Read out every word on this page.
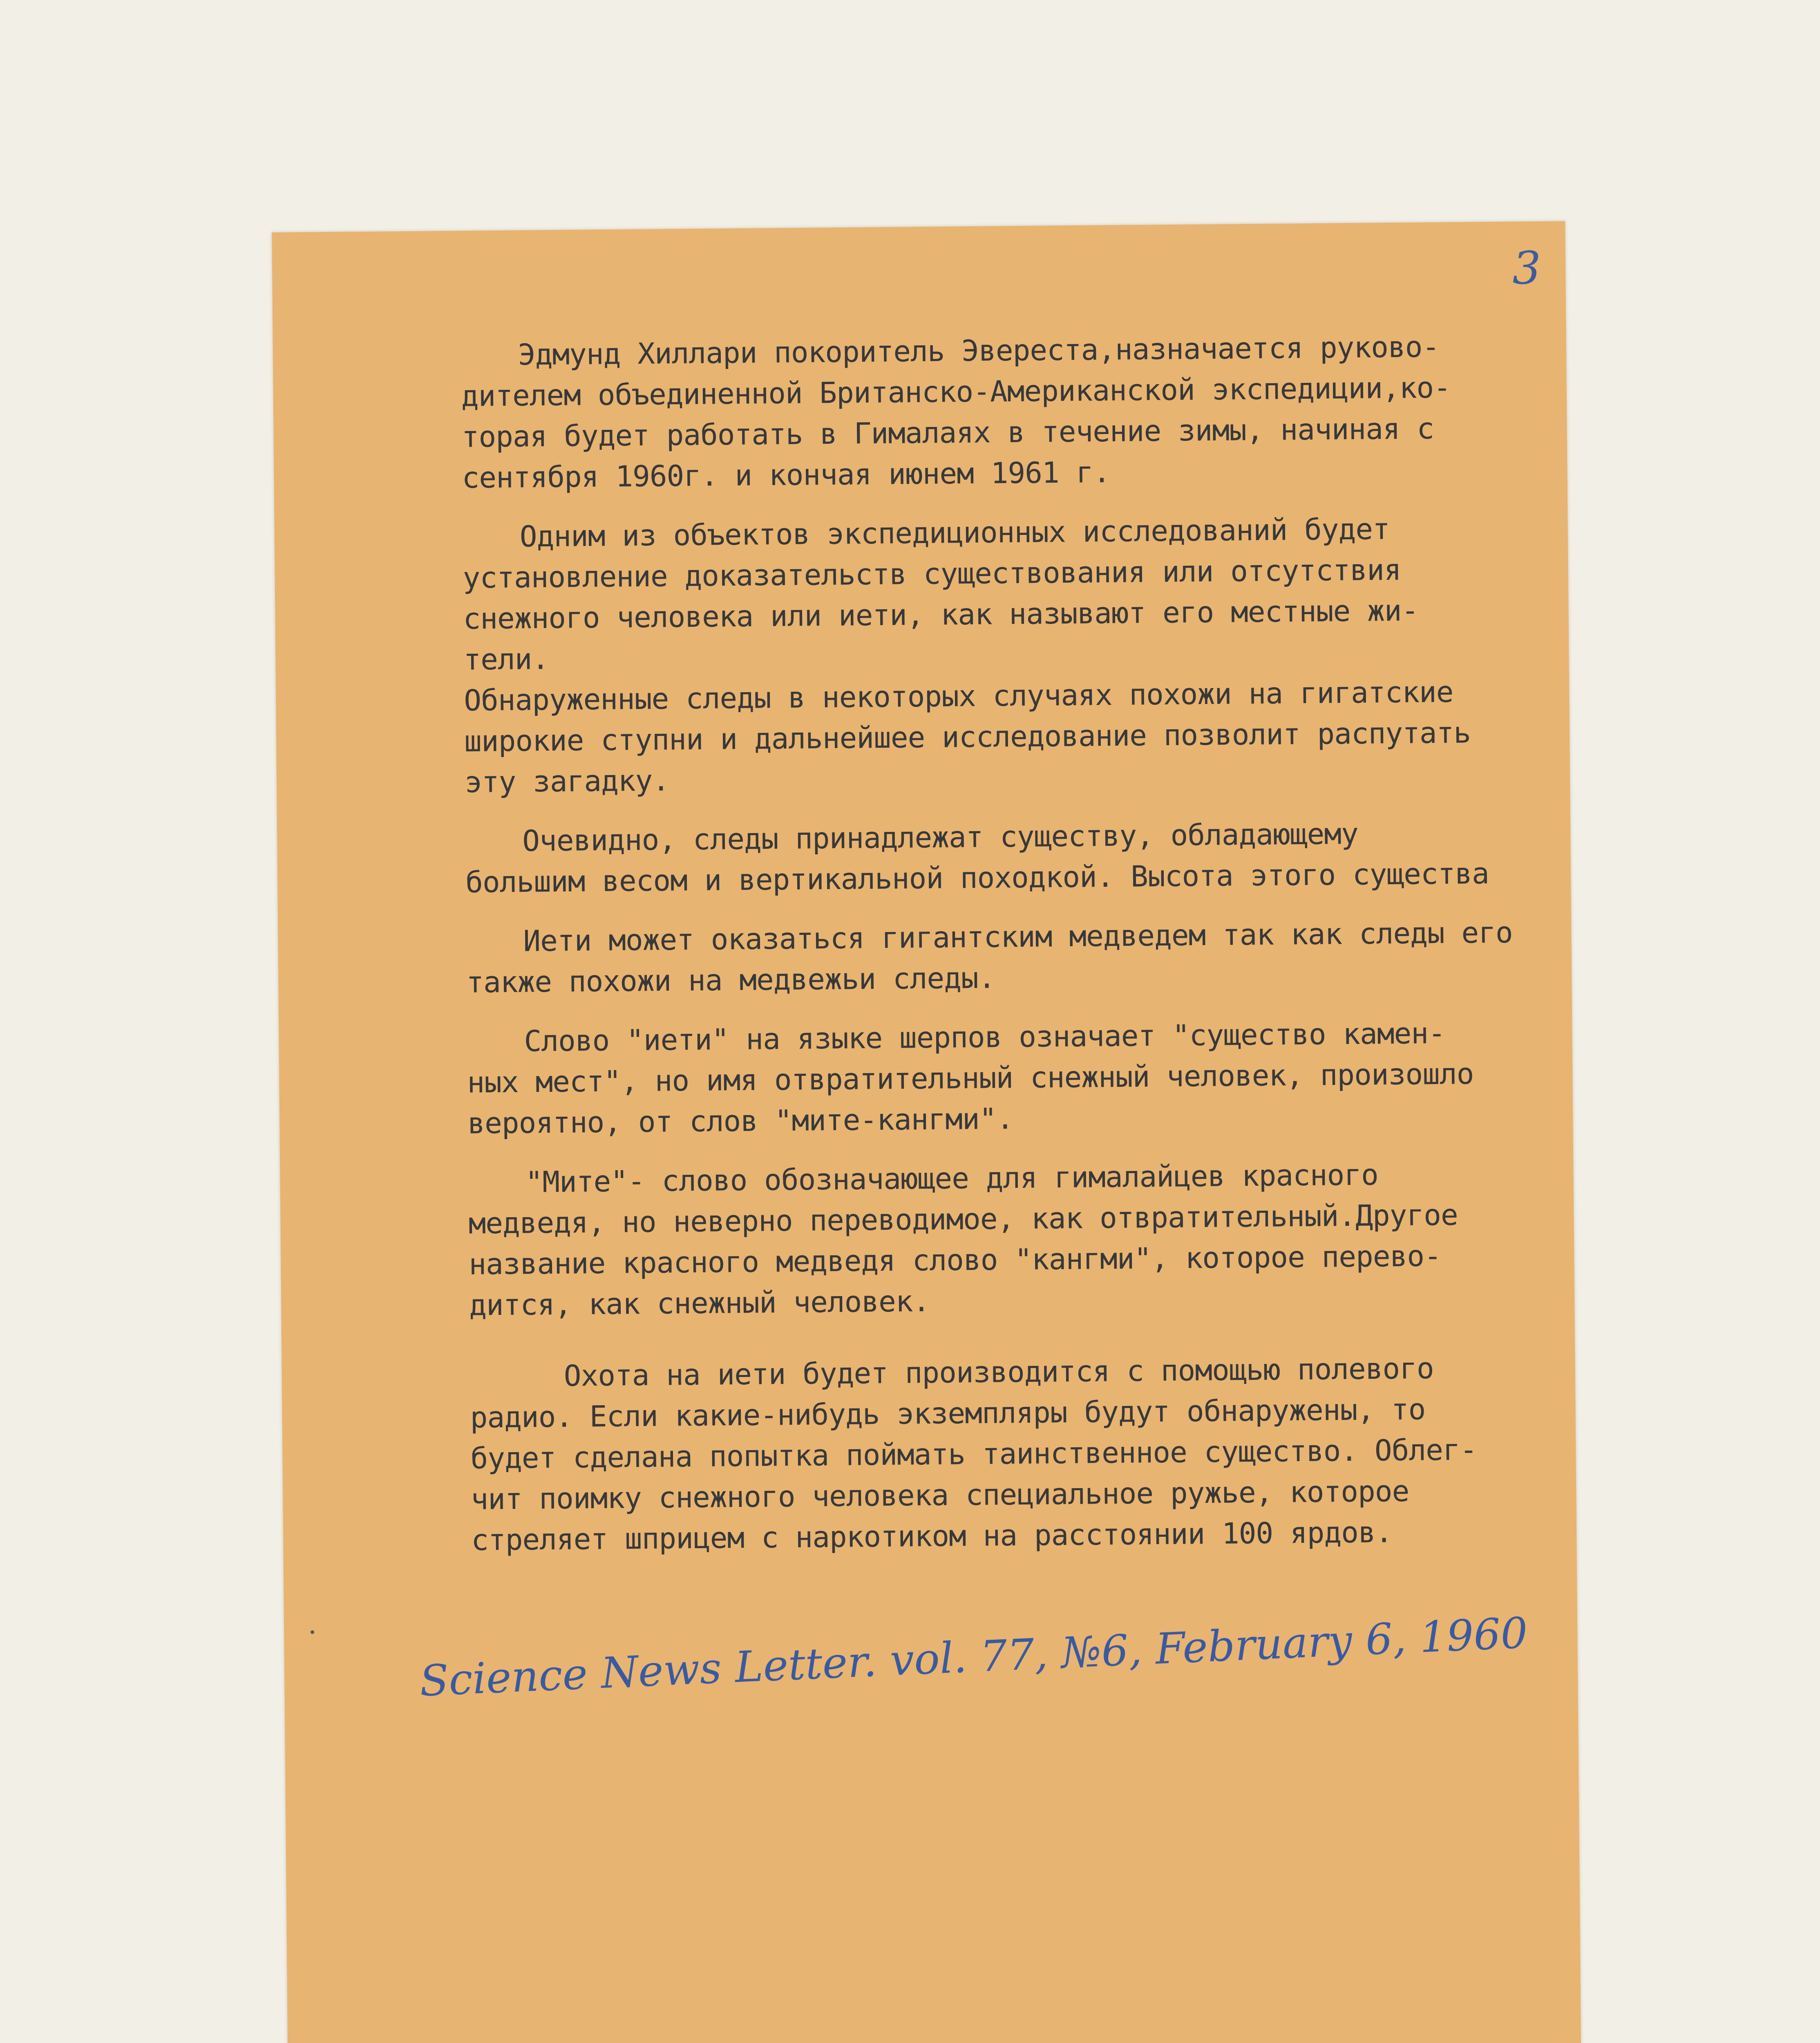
3
Эдмунд Хиллари покоритель Эвереста,назначается руково-
дителем объединенной Британско-Американской экспедиции,ко-
торая будет работать в Гималаях в течение зимы, начиная с
сентября 1960г. и кончая июнем 1961 г.
Одним из объектов экспедиционных исследований будет
установление доказательств существования или отсутствия
снежного человека или иети, как называют его местные жи-
тели.
Обнаруженные следы в некоторых случаях похожи на гигатские
широкие ступни и дальнейшее исследование позволит распутать
эту загадку.
Очевидно, следы принадлежат существу, обладающему
большим весом и вертикальной походкой. Высота этого существа
Иети может оказаться гигантским медведем так как следы его
также похожи на медвежьи следы.
Слово "иети" на языке шерпов означает "существо камен-
ных мест", но имя отвратительный снежный человек, произошло
вероятно, от слов "мите-кангми".
"Мите"- слово обозначающее для гималайцев красного
медведя, но неверно переводимое, как отвратительный.Другое
название красного медведя слово "кангми", которое перево-
дится, как снежный человек.
Охота на иети будет производится с помощью полевого
радио. Если какие-нибудь экземпляры будут обнаружены, то
будет сделана попытка поймать таинственное существо. Облег-
чит поимку снежного человека специальное ружье, которое
стреляет шприцем с наркотиком на расстоянии 100 ярдов.
Science News Letter. vol. 77, №6, February 6, 1960
